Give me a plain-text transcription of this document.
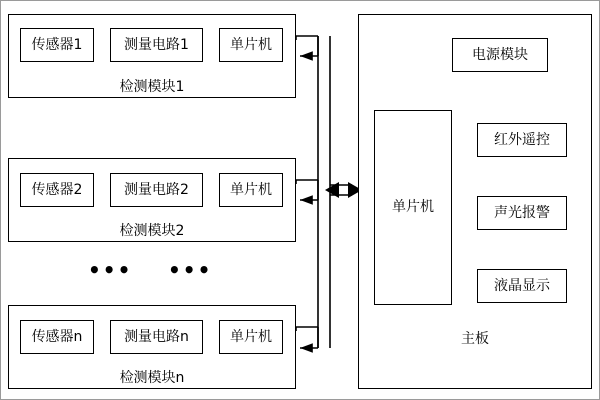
传感器1	测量电路1	单片机
检测模块1
传感器2	测量电路2	单片机
检测模块2
••• •••
传感器n	测量电路n	单片机
检测模块n
电源模块
单片机
红外遥控
声光报警
液晶显示
主板
